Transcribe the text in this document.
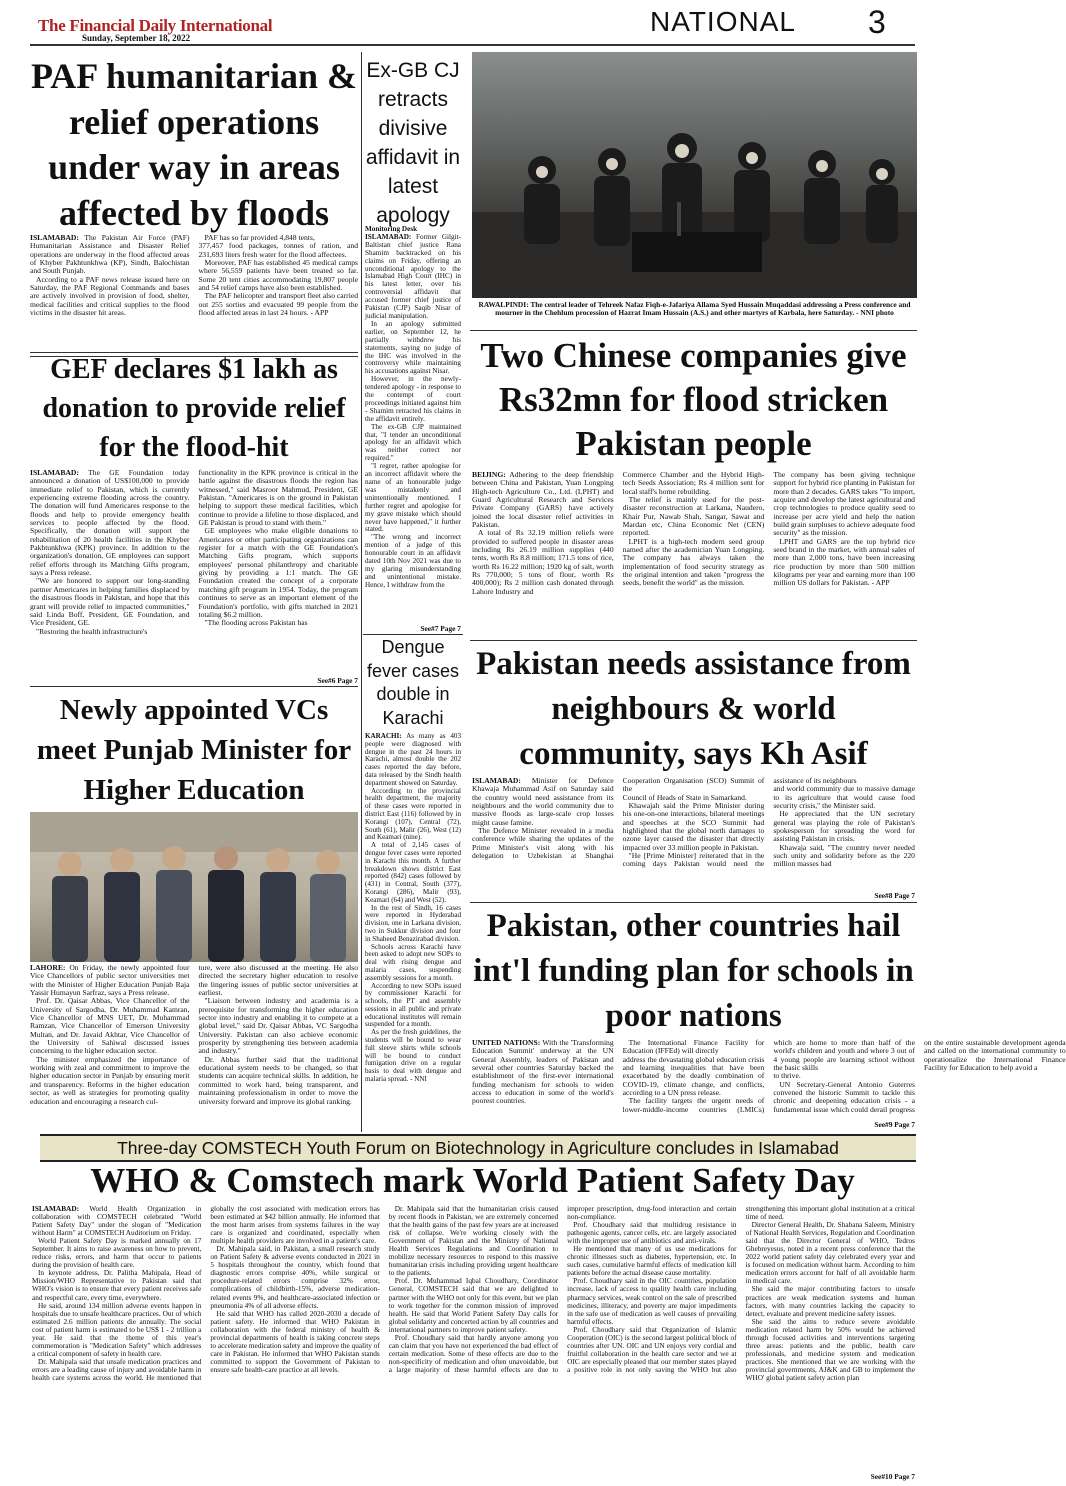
The Financial Daily International
Sunday, September 18, 2022
NATIONAL 3
PAF humanitarian & relief operations under way in areas affected by floods

ISLAMABAD: The Pakistan Air Force (PAF) Humanitarian Assistance and Disaster Relief operations are underway in the flood affected areas of Khyber Pakhtunkhwa (KP), Sindh, Balochistan and South Punjab.

According to a PAF news release issued here on Saturday, the PAF Regional Commands and bases are actively involved in provision of food, shelter, medical facilities and critical supplies to the flood victims in the disaster hit areas.

PAF has so far provided 4,848 tents,

377,457 food packages, tonnes of ration, and 231,693 liters fresh water for the flood affectees.

Moreover, PAF has established 45 medical camps where 56,559 patients have been treated so far. Some 20 tent cities accommodating 19,807 people and 54 relief camps have also been established.

The PAF helicopter and transport fleet also carried out 255 sorties and evacuated 99 people from the flood affected areas in last 24 hours. - APP

Ex-GB CJ retracts divisive affidavit in latest apology

Monitoring Desk

ISLAMABAD: Former Gilgit-Baltistan chief justice Rana Shamim backtracked on his claims on Friday, offering an unconditional apology to the Islamabad High Court (IHC) in his latest letter, over his controversial affidavit that accused former chief justice of Pakistan (CJP) Saqib Nisar of judicial manipulation.

In an apology submitted earlier, on September 12, he partially withdrew his statements, saying no judge of the IHC was involved in the controversy while maintaining his accusations against Nisar.

However, in the newly-tendered apology - in response to the contempt of court proceedings initiated against him - Shamim retracted his claims in the affidavit entirely.

The ex-GB CJP maintained that, "I tender an unconditional apology for an affidavit which was neither correct nor required."

"I regret, rather apologise for an incorrect affidavit where the name of an honourable judge was mistakenly and unintentionally mentioned. I further regret and apologise for my grave mistake which should never have happened," it further stated.

"The wrong and incorrect mention of a judge of this honourable court in an affidavit dated 10th Nov 2021 was due to my glaring misunderstanding and unintentional mistake. Hence, I withdraw from the

See#7 Page 7
RAWALPINDI: The central leader of Tehreek Nafaz Fiqh-e-Jafariya Allama Syed Hussain Muqaddasi addressing a Press conference and mourner in the Chehlum procession of Hazrat Imam Hussain (A.S.) and other martyrs of Karbala, here Saturday. - NNI photo
GEF declares $1 lakh as donation to provide relief for the flood-hit

ISLAMABAD: The GE Foundation today announced a donation of US$100,000 to provide immediate relief to Pakistan, which is currently experiencing extreme flooding across the country. The donation will fund Americares response to the floods and help to provide emergency health services to people affected by the flood. Specifically, the donation will support the rehabilitation of 20 health facilities in the Khyber Pakhtunkhwa (KPK) province. In addition to the organization's donation, GE employees can support relief efforts through its Matching Gifts program, says a Press release.

"We are honored to support our long-standing partner Americares in helping families displaced by the disastrous floods in Pakistan, and hope that this grant will provide relief to impacted communities," said Linda Boff, President, GE Foundation, and Vice President, GE.

"Restoring the health infrastructure's

functionality in the KPK province is critical in the battle against the disastrous floods the region has witnessed," said Masroor Mahmud, President, GE Pakistan. "Americares is on the ground in Pakistan helping to support these medical facilities, which continue to provide a lifeline to those displaced, and GE Pakistan is proud to stand with them."

GE employees who make eligible donations to Americares or other participating organizations can register for a match with the GE Foundation's Matching Gifts program, which supports employees' personal philanthropy and charitable giving by providing a 1:1 match. The GE Foundation created the concept of a corporate matching gift program in 1954. Today, the program continues to serve as an important element of the Foundation's portfolio, with gifts matched in 2021 totaling $6.2 million.

"The flooding across Pakistan has

See#6 Page 7
Two Chinese companies give Rs32mn for flood stricken Pakistan people

BEIJING: Adhering to the deep friendship between China and Pakistan, Yuan Longping High-tech Agriculture Co., Ltd. (LPHT) and Guard Agricultural Research and Services Private Company (GARS) have actively joined the local disaster relief activities in Pakistan.

A total of Rs 32.19 million reliefs were provided to suffered people in disaster areas including Rs 26.19 million supplies (440 tents, worth Rs 8.8 million; 171.5 tons of rice, worth Rs 16.22 million; 1920 kg of salt, worth Rs 770,000; 5 tons of flour, worth Rs 400,000); Rs 2 million cash donated through Lahore Industry and

Commerce Chamber and the Hybrid High-tech Seeds Association; Rs 4 million sent for local staff's home rebuilding.

The relief is mainly used for the post-disaster reconstruction at Larkana, Naudero, Khair Pur, Nawab Shah, Sangar, Sawat and Mardan etc, China Economic Net (CEN) reported.

LPHT is a high-tech modern seed group named after the academician Yuan Longping. The company has always taken the implementation of food security strategy as the original intention and taken "progress the seeds, benefit the world" as the mission.

The company has been giving technique support for hybrid rice planting in Pakistan for more than 2 decades. GARS takes "To import, acquire and develop the latest agricultural and crop technologies to produce quality seed to increase per acre yield and help the nation build grain surpluses to achieve adequate food security" as the mission.

LPHT and GARS are the top hybrid rice seed brand in the market, with annual sales of more than 2,000 tons, have been increasing rice production by more than 500 million kilograms per year and earning more than 100 million US dollars for Pakistan. - APP

Dengue fever cases double in Karachi

KARACHI: As many as 403 people were diagnosed with dengue in the past 24 hours in Karachi, almost double the 202 cases reported the day before, data released by the Sindh health department showed on Saturday.

According to the provincial health department, the majority of these cases were reported in district East (116) followed by in Korangi (107), Central (72), South (61), Malir (26), West (12) and Keamari (nine).

A total of 2,145 cases of dengue fever cases were reported in Karachi this month. A further breakdown shows district East reported (842) cases followed by (431) in Central, South (377), Korangi (286), Malir (93), Keamari (64) and West (52).

In the rest of Sindh, 16 cases were reported in Hyderabad division, one in Larkana division, two in Sukkur division and four in Shaheed Benazirabad division.

Schools across Karachi have been asked to adopt new SOPs to deal with rising dengue and malaria cases, suspending assembly sessions for a month.

According to new SOPs issued by commissioner Karachi for schools, the PT and assembly sessions in all public and private educational institutes will remain suspended for a month.

As per the fresh guidelines, the students will be bound to wear full sleeve shirts while schools will be bound to conduct fumigation drive on a regular basis to deal with dengue and malaria spread. - NNI

Newly appointed VCs meet Punjab Minister for Higher Education

LAHORE: On Friday, the newly appointed four Vice Chancellors of public sector universities met with the Minister of Higher Education Punjab Raja Yassir Humayun Sarfraz, says a Press release.

Prof. Dr. Qaisar Abbas, Vice Chancellor of the University of Sargodha, Dr. Muhammad Kamran, Vice Chancellor of MNS UET, Dr. Muhammad Ramzan, Vice Chancellor of Emerson University Multan, and Dr. Javaid Akhtar, Vice Chancellor of the University of Sahiwal discussed issues concerning to the higher education sector.

The minister emphasized the importance of working with zeal and commitment to improve the higher education sector in Punjab by ensuring merit and transparency. Reforms in the higher education sector, as well as strategies for promoting quality education and encouraging a research cul-

ture, were also discussed at the meeting. He also directed the secretary higher education to resolve the lingering issues of public sector universities at earliest.

"Liaison between industry and academia is a prerequisite for transforming the higher education sector into industry and enabling it to compete at a global level," said Dr. Qaisar Abbas, VC Sargodha University. Pakistan can also achieve economic prosperity by strengthening ties between academia and industry."

Dr. Abbas further said that the traditional educational system needs to be changed, so that students can acquire technical skills. In addition, he committed to work hard, being transparent, and maintaining professionalism in order to move the university forward and improve its global ranking.

Pakistan needs assistance from neighbours & world community, says Kh Asif

ISLAMABAD: Minister for Defence Khawaja Muhammad Asif on Saturday said the country would need assistance from its neighbours and the world community due to massive floods as large-scale crop losses might cause famine.

The Defence Minister revealed in a media conference while sharing the updates of the Prime Minister's visit along with his delegation to Uzbekistan at Shanghai Cooperation Organisation (SCO) Summit of the

Council of Heads of State in Samarkand.

Khawajah said the Prime Minister during his one-on-one interactions, bilateral meetings and speeches at the SCO Summit had highlighted that the global north damages to ozone layer caused the disaster that directly impacted over 33 million people in Pakistan.

"He [Prime Minister] reiterated that in the coming days Pakistan would need the assistance of its neighbours

and world community due to massive damage to its agriculture that would cause food security crisis," the Minister said.

He appreciated that the UN secretary general was playing the role of Pakistan's spokesperson for spreading the word for assisting Pakistan in crisis.

Khawaja said, "The country never needed such unity and solidarity before as the 220 million masses had

See#8 Page 7
Pakistan, other countries hail int'l funding plan for schools in poor nations

UNITED NATIONS: With the 'Transforming Education Summit' underway at the UN General Assembly, leaders of Pakistan and several other countries Saturday backed the establishment of the first-ever international funding mechanism for schools to widen access to education in some of the world's poorest countries.

The International Finance Facility for Education (IFFEd) will directly

address the devastating global education crisis and learning inequalities that have been exacerbated by the deadly combination of COVID-19, climate change, and conflicts, according to a UN press release.

The facility targets the urgent needs of lower-middle-income countries (LMICs) which are home to more than half of the world's children and youth and where 3 out of 4 young people are learning school without the basic skills

to thrive.

UN Secretary-General Antonio Guterres convened the historic Summit to tackle this chronic and deepening education crisis - a fundamental issue which could derail progress on the entire sustainable development agenda and called on the international community to operationalize the International Finance Facility for Education to help avoid a

See#9 Page 7
Three-day COMSTECH Youth Forum on Biotechnology in Agriculture concludes in Islamabad
WHO & Comstech mark World Patient Safety Day

ISLAMABAD: World Health Organization in collaboration with COMSTECH celebrated "World Patient Safety Day" under the slogan of "Medication without Harm" at COMSTECH Auditorium on Friday.

World Patient Safety Day is marked annually on 17 September. It aims to raise awareness on how to prevent, reduce risks, errors, and harm that occur to patients during the provision of health care.

In keynote address, Dr. Palitha Mahipala, Head of Mission/WHO Representative to Pakistan said that WHO's vision is to ensure that every patient receives safe and respectful care, every time, everywhere.

He said, around 134 million adverse events happen in hospitals due to unsafe healthcare practices. Out of which estimated 2.6 million patients die annually. The social cost of patient harm is estimated to be US$ 1 - 2 trillion a year. He said that the theme of this year's commemoration is "Medication Safety" which addresses a critical component of safety in health care.

Dr. Mahipala said that unsafe medication practices and errors are a leading cause of injury and avoidable harm in health care systems across the world. He mentioned that globally the cost associated with medication errors has been estimated at $42 billion annually. He informed that the most harm arises from systems failures in the way care is organized and coordinated, especially when multiple health providers are involved in a patient's care.

Dr. Mahipala said, in Pakistan, a small research study on Patient Safety & adverse events conducted in 2021 in 5 hospitals throughout the country, which found that diagnostic errors comprise 40%, while surgical or procedure-related errors comprise 32% error, complications of childbirth-15%, adverse medication-related events 9%, and healthcare-associated infection or pneumonia 4% of all adverse effects.

He said that WHO has called 2020-2030 a decade of patient safety. He informed that WHO Pakistan in collaboration with the federal ministry of health & provincial departments of health is taking concrete steps to accelerate medication safety and improve the quality of care in Pakistan. He informed that WHO Pakistan stands committed to support the Government of Pakistan to ensure safe health-care practice at all levels.

Dr. Mahipala said that the humanitarian crisis caused by recent floods in Pakistan, we are extremely concerned that the health gains of the past few years are at increased risk of collapse. We're working closely with the Government of Pakistan and the Ministry of National Health Services Regulations and Coordination to mobilize necessary resources to respond to this massive humanitarian crisis including providing urgent healthcare to the patients.

Prof. Dr. Muhammad Iqbal Choudhary, Coordinator General, COMSTECH said that we are delighted to partner with the WHO not only for this event, but we plan to work together for the common mission of improved health. He said that World Patient Safety Day calls for global solidarity and concerted action by all countries and international partners to improve patient safety.

Prof. Choudhary said that hardly anyone among you can claim that you have not experienced the bad effect of certain medication. Some of these effects are due to the non-specificity of medication and often unavoidable, but a large majority of these harmful effects are due to improper prescription, drug-food interaction and certain non-compliance.

Prof. Choudhary said that multidrug resistance in pathogenic agents, cancer cells, etc. are largely associated with the improper use of antibiotics and anti-virals.

He mentioned that many of us use medications for chronic illnesses such as diabetes, hypertension, etc. In such cases, cumulative harmful effects of medication kill patients before the actual disease cause mortality.

Prof. Choudhary said in the OIC countries, population increase, lack of access to quality health care including pharmacy services, weak control on the sale of prescribed medicines, illiteracy, and poverty are major impediments in the safe use of medication as well causes of prevailing harmful effects.

Prof. Choudhary said that Organization of Islamic Cooperation (OIC) is the second largest political block of countries after UN. OIC and UN enjoys very cordial and fruitful collaboration in the health care sector and we at OIC are especially pleased that our member states played a positive role in not only saving the WHO but also strengthening this important global institution at a critical time of need.

Director General Health, Dr. Shabana Saleem, Ministry of National Health Services, Regulation and Coordination said that the Director General of WHO, Tedros Ghebreyesus, noted in a recent press conference that the 2022 world patient safety day celebrated every year and is focused on medication without harm. According to him medication errors account for half of all avoidable harm in medical care.

She said the major contributing factors to unsafe practices are weak medication systems and human factors, with many countries lacking the capacity to detect, evaluate and prevent medicine safety issues.

She said the aims to reduce severe avoidable medication related harm by 50% would be achieved through focused activities and interventions targeting three areas: patients and the public, health care professionals, and medicine system and medication practices. She mentioned that we are working with the provincial governments, AJ&K and GB to implement the WHO' global patient safety action plan

See#10 Page 7
